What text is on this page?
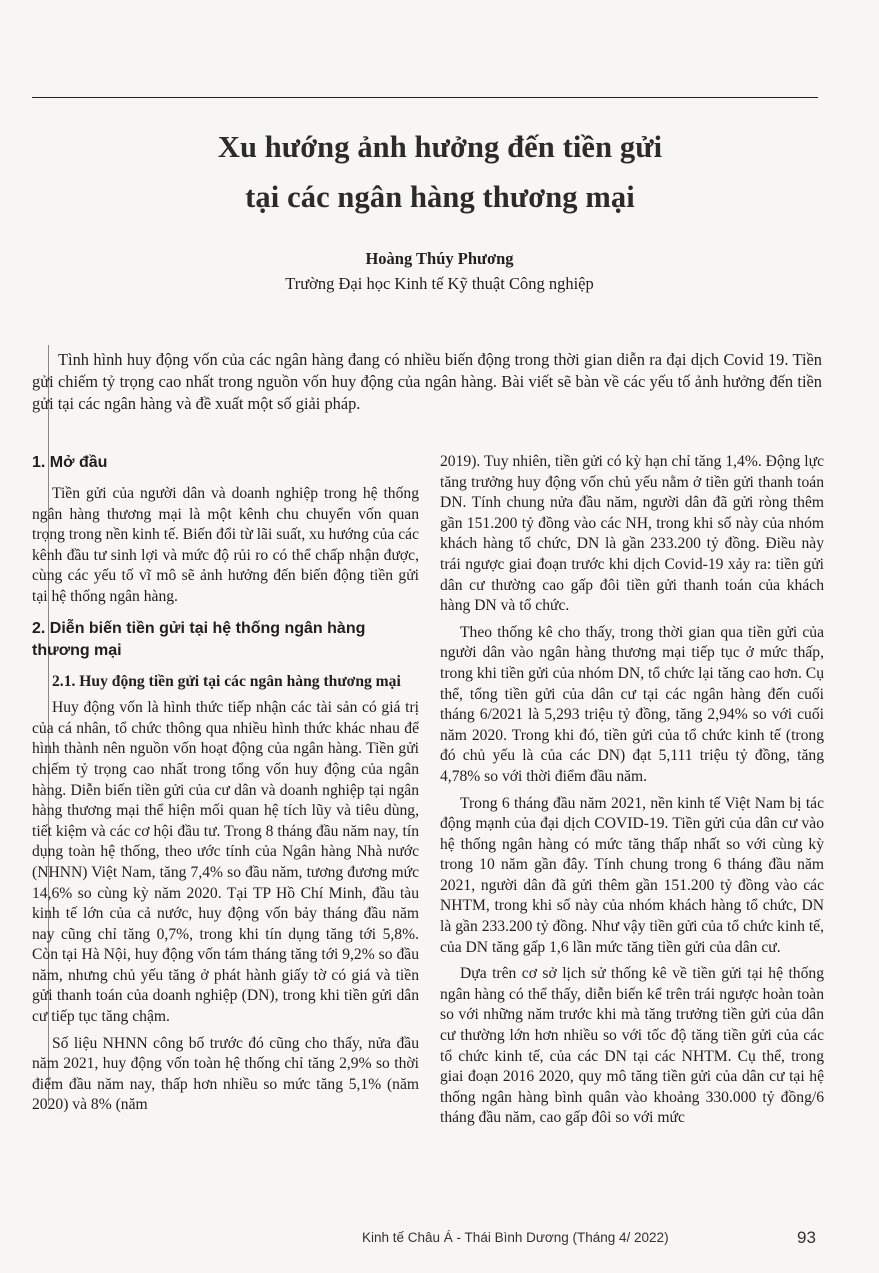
Xu hướng ảnh hưởng đến tiền gửi
tại các ngân hàng thương mại
Hoàng Thúy Phương
Trường Đại học Kinh tế Kỹ thuật Công nghiệp

Tình hình huy động vốn của các ngân hàng đang có nhiều biến động trong thời gian diễn ra đại dịch Covid 19. Tiền gửi chiếm tỷ trọng cao nhất trong nguồn vốn huy động của ngân hàng. Bài viết sẽ bàn về các yếu tố ảnh hưởng đến tiền gửi tại các ngân hàng và đề xuất một số giải pháp.

1. Mở đầu

Tiền gửi của người dân và doanh nghiệp trong hệ thống ngân hàng thương mại là một kênh chu chuyển vốn quan trọng trong nền kinh tế. Biến đổi từ lãi suất, xu hướng của các kênh đầu tư sinh lợi và mức độ rủi ro có thể chấp nhận được, cùng các yếu tố vĩ mô sẽ ảnh hưởng đến biến động tiền gửi tại hệ thống ngân hàng.

2. Diễn biến tiền gửi tại hệ thống ngân hàng thương mại
2.1. Huy động tiền gửi tại các ngân hàng thương mại

Huy động vốn là hình thức tiếp nhận các tài sản có giá trị của cá nhân, tổ chức thông qua nhiều hình thức khác nhau để hình thành nên nguồn vốn hoạt động của ngân hàng. Tiền gửi chiếm tỷ trọng cao nhất trong tổng vốn huy động của ngân hàng. Diễn biến tiền gửi của cư dân và doanh nghiệp tại ngân hàng thương mại thể hiện mối quan hệ tích lũy và tiêu dùng, tiết kiệm và các cơ hội đầu tư. Trong 8 tháng đầu năm nay, tín dụng toàn hệ thống, theo ước tính của Ngân hàng Nhà nước (NHNN) Việt Nam, tăng 7,4% so đầu năm, tương đương mức 14,6% so cùng kỳ năm 2020. Tại TP Hồ Chí Minh, đầu tàu kinh tế lớn của cả nước, huy động vốn bảy tháng đầu năm nay cũng chỉ tăng 0,7%, trong khi tín dụng tăng tới 5,8%. Còn tại Hà Nội, huy động vốn tám tháng tăng tới 9,2% so đầu năm, nhưng chủ yếu tăng ở phát hành giấy tờ có giá và tiền gửi thanh toán của doanh nghiệp (DN), trong khi tiền gửi dân cư tiếp tục tăng chậm.

Số liệu NHNN công bố trước đó cũng cho thấy, nửa đầu năm 2021, huy động vốn toàn hệ thống chỉ tăng 2,9% so thời điểm đầu năm nay, thấp hơn nhiều so mức tăng 5,1% (năm 2020) và 8% (năm

2019). Tuy nhiên, tiền gửi có kỳ hạn chỉ tăng 1,4%. Động lực tăng trưởng huy động vốn chủ yếu nằm ở tiền gửi thanh toán DN. Tính chung nửa đầu năm, người dân đã gửi ròng thêm gần 151.200 tỷ đồng vào các NH, trong khi số này của nhóm khách hàng tổ chức, DN là gần 233.200 tỷ đồng. Điều này trái ngược giai đoạn trước khi dịch Covid-19 xảy ra: tiền gửi dân cư thường cao gấp đôi tiền gửi thanh toán của khách hàng DN và tổ chức.

Theo thống kê cho thấy, trong thời gian qua tiền gửi của người dân vào ngân hàng thương mại tiếp tục ở mức thấp, trong khi tiền gửi của nhóm DN, tổ chức lại tăng cao hơn. Cụ thể, tổng tiền gửi của dân cư tại các ngân hàng đến cuối tháng 6/2021 là 5,293 triệu tỷ đồng, tăng 2,94% so với cuối năm 2020. Trong khi đó, tiền gửi của tổ chức kinh tế (trong đó chủ yếu là của các DN) đạt 5,111 triệu tỷ đồng, tăng 4,78% so với thời điểm đầu năm.

Trong 6 tháng đầu năm 2021, nền kinh tế Việt Nam bị tác động mạnh của đại dịch COVID-19. Tiền gửi của dân cư vào hệ thống ngân hàng có mức tăng thấp nhất so với cùng kỳ trong 10 năm gần đây. Tính chung trong 6 tháng đầu năm 2021, người dân đã gửi thêm gần 151.200 tỷ đồng vào các NHTM, trong khi số này của nhóm khách hàng tổ chức, DN là gần 233.200 tỷ đồng. Như vậy tiền gửi của tổ chức kinh tế, của DN tăng gấp 1,6 lần mức tăng tiền gửi của dân cư.

Dựa trên cơ sở lịch sử thống kê về tiền gửi tại hệ thống ngân hàng có thể thấy, diễn biến kể trên trái ngược hoàn toàn so với những năm trước khi mà tăng trưởng tiền gửi của dân cư thường lớn hơn nhiều so với tốc độ tăng tiền gửi của các tổ chức kinh tế, của các DN tại các NHTM. Cụ thể, trong giai đoạn 2016 2020, quy mô tăng tiền gửi của dân cư tại hệ thống ngân hàng bình quân vào khoảng 330.000 tỷ đồng/6 tháng đầu năm, cao gấp đôi so với mức

Kinh tế Châu Á - Thái Bình Dương (Tháng 4/ 2022)	93
